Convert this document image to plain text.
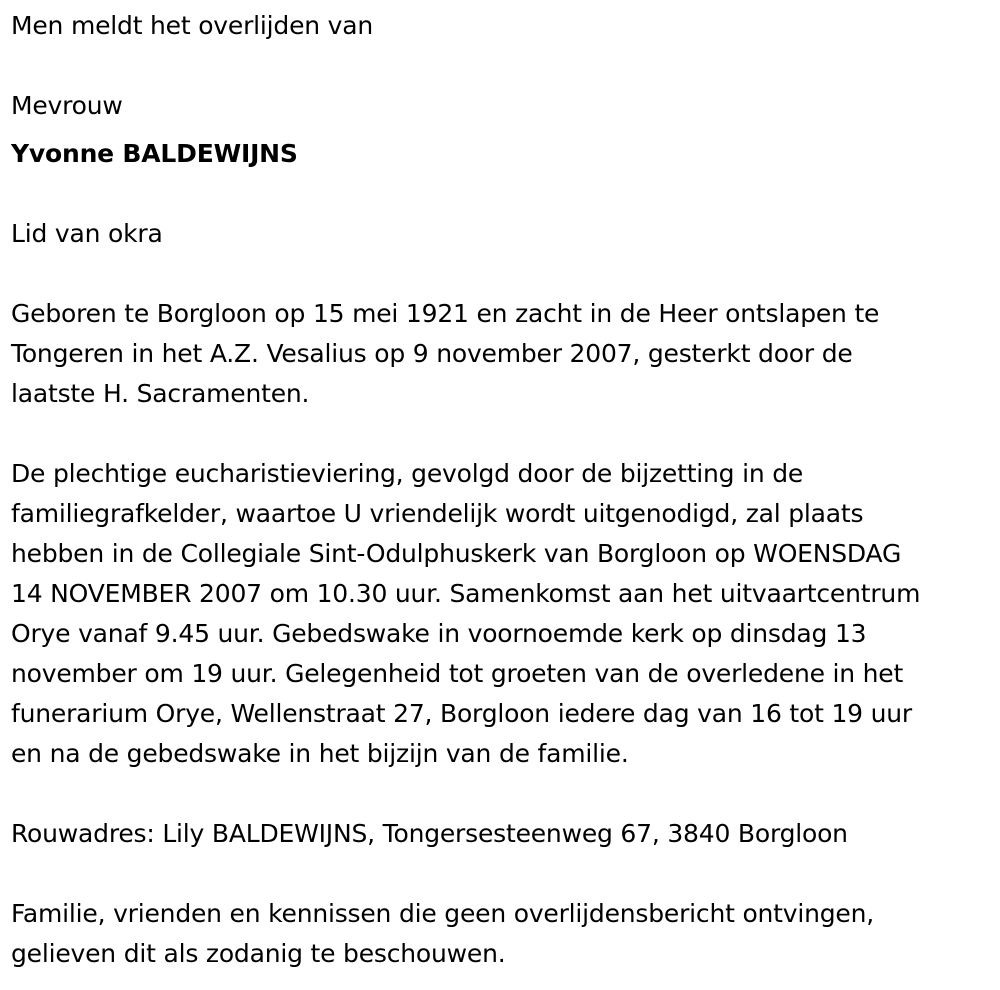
Men meldt het overlijden van
Mevrouw
Yvonne BALDEWIJNS
Lid van okra
Geboren te Borgloon op 15 mei 1921 en zacht in de Heer ontslapen te
Tongeren in het A.Z. Vesalius op 9 november 2007, gesterkt door de
laatste H. Sacramenten.
De plechtige eucharistieviering, gevolgd door de bijzetting in de
familiegrafkelder, waartoe U vriendelijk wordt uitgenodigd, zal plaats
hebben in de Collegiale Sint-Odulphuskerk van Borgloon op WOENSDAG
14 NOVEMBER 2007 om 10.30 uur. Samenkomst aan het uitvaartcentrum
Orye vanaf 9.45 uur. Gebedswake in voornoemde kerk op dinsdag 13
november om 19 uur. Gelegenheid tot groeten van de overledene in het
funerarium Orye, Wellenstraat 27, Borgloon iedere dag van 16 tot 19 uur
en na de gebedswake in het bijzijn van de familie.
Rouwadres: Lily BALDEWIJNS, Tongersesteenweg 67, 3840 Borgloon
Familie, vrienden en kennissen die geen overlijdensbericht ontvingen,
gelieven dit als zodanig te beschouwen.
